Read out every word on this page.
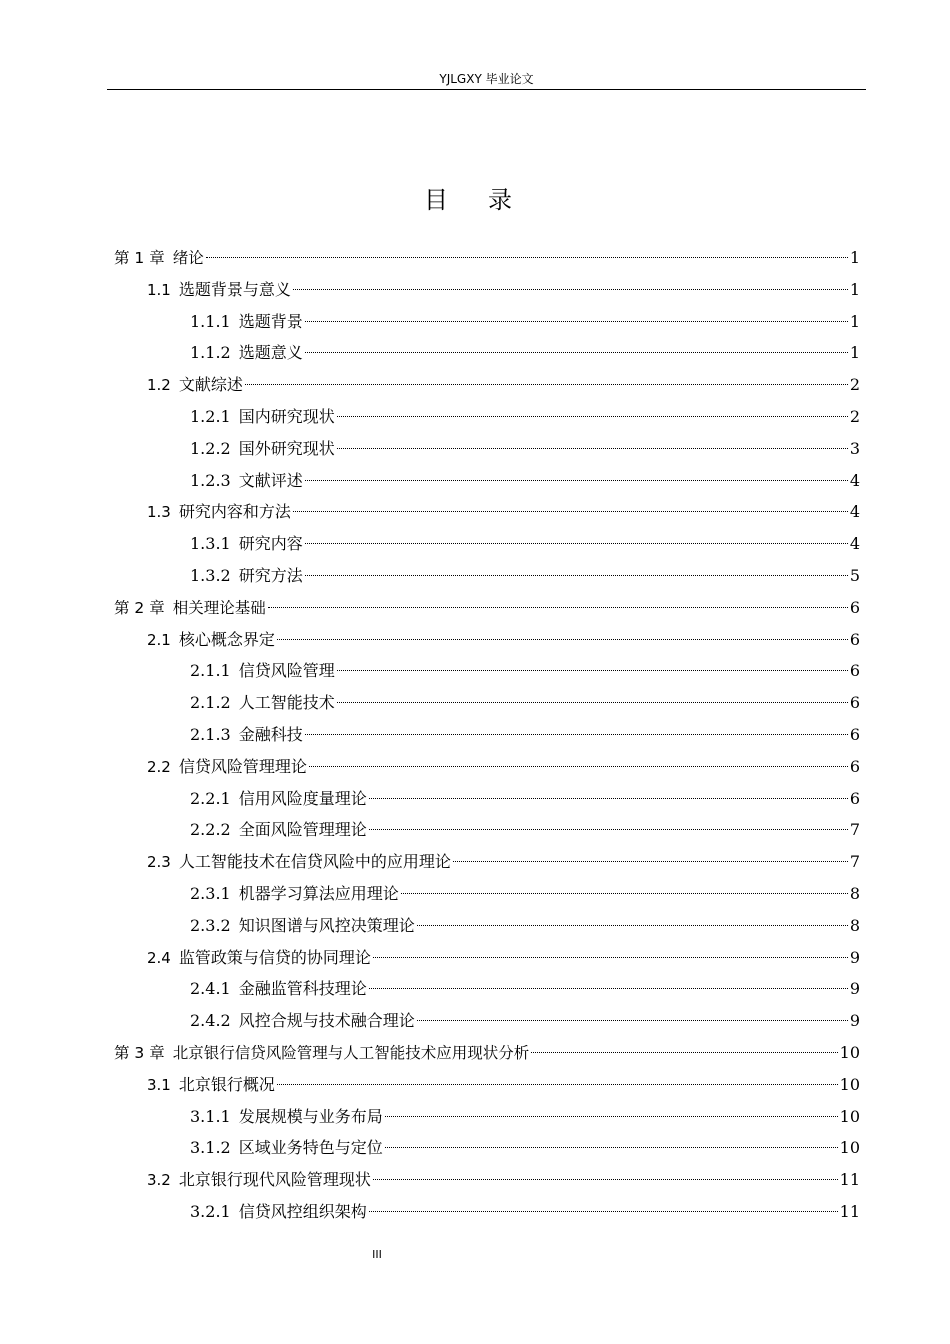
YJLGXY 毕业论文
目录
第 1 章 绪论	1
1.1 选题背景与意义	1
1.1.1 选题背景	1
1.1.2 选题意义	1
1.2 文献综述	2
1.2.1 国内研究现状	2
1.2.2 国外研究现状	3
1.2.3 文献评述	4
1.3 研究内容和方法	4
1.3.1 研究内容	4
1.3.2 研究方法	5
第 2 章 相关理论基础	6
2.1 核心概念界定	6
2.1.1 信贷风险管理	6
2.1.2 人工智能技术	6
2.1.3 金融科技	6
2.2 信贷风险管理理论	6
2.2.1 信用风险度量理论	6
2.2.2 全面风险管理理论	7
2.3 人工智能技术在信贷风险中的应用理论	7
2.3.1 机器学习算法应用理论	8
2.3.2 知识图谱与风控决策理论	8
2.4 监管政策与信贷的协同理论	9
2.4.1 金融监管科技理论	9
2.4.2 风控合规与技术融合理论	9
第 3 章 北京银行信贷风险管理与人工智能技术应用现状分析	10
3.1 北京银行概况	10
3.1.1 发展规模与业务布局	10
3.1.2 区域业务特色与定位	10
3.2 北京银行现代风险管理现状	11
3.2.1 信贷风控组织架构	11
III
